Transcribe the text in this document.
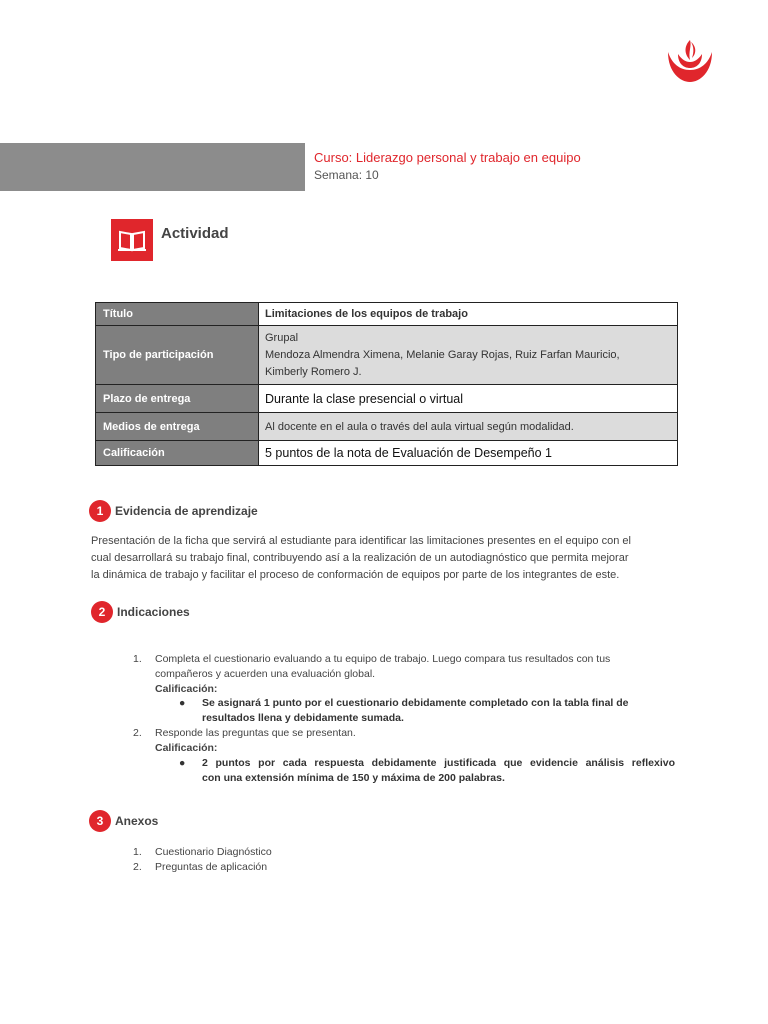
Curso: Liderazgo personal y trabajo en equipo
Semana: 10
Actividad
Título	Limitaciones de los equipos de trabajo
Tipo de participación	Grupal
Mendoza Almendra Ximena, Melanie Garay Rojas, Ruiz Farfan Mauricio,
Kimberly Romero J.

Plazo de entrega	Durante la clase presencial o virtual
Medios de entrega	Al docente en el aula o través del aula virtual según modalidad.
Calificación	5 puntos de la nota de Evaluación de Desempeño 1
1 Evidencia de aprendizaje
Presentación de la ficha que servirá al estudiante para identificar las limitaciones presentes en el equipo con el
cual desarrollará su trabajo final, contribuyendo así a la realización de un autodiagnóstico que permita mejorar
la dinámica de trabajo y facilitar el proceso de conformación de equipos por parte de los integrantes de este.
2 Indicaciones
1. Completa el cuestionario evaluando a tu equipo de trabajo. Luego compara tus resultados con tus
compañeros y acuerden una evaluación global.
Calificación:
● Se asignará 1 punto por el cuestionario debidamente completado con la tabla final de
resultados llena y debidamente sumada.
2. Responde las preguntas que se presentan.
Calificación:
● 2 puntos por cada respuesta debidamente justificada que evidencie análisis reflexivo
con una extensión mínima de 150 y máxima de 200 palabras.
3 Anexos
1. Cuestionario Diagnóstico
2. Preguntas de aplicación
